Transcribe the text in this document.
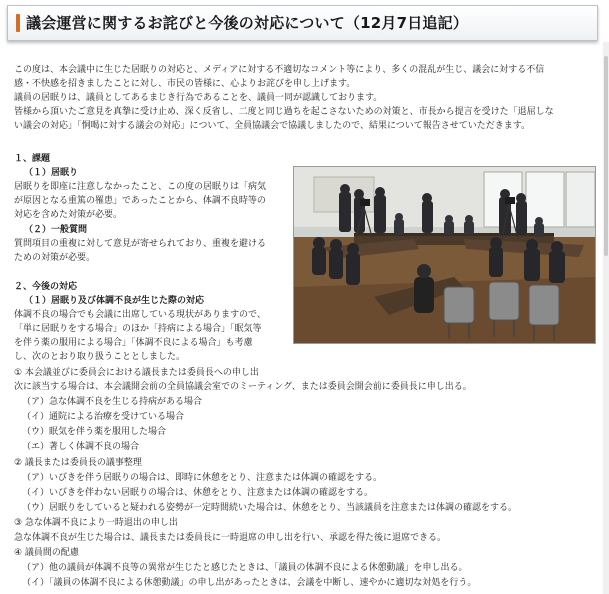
議会運営に関するお詫びと今後の対応について（12月7日追記）
この度は、本会議中に生じた居眠りの対応と、メディアに対する不適切なコメント等により、多くの混乱が生じ、議会に対する不信
感・不快感を招きましたことに対し、市民の皆様に、心よりお詫びを申し上げます。
議員の居眠りは、議員としてあるまじき行為であることを、議員一同が認識しております。
皆様から頂いたご意見を真摯に受け止め、深く反省し、二度と同じ過ちを起こさないための対策と、市長から提言を受けた「退屈しな
い議会の対応」「恫喝に対する議会の対応」について、全員協議会で協議しましたので、結果について報告させていただきます。
１、課題
（１）居眠り
居眠りを即座に注意しなかったこと、この度の居眠りは「病気
が原因となる重篤の罹患」であったことから、体調不良時等の
対応を含めた対策が必要。
（２）一般質問
質問項目の重複に対して意見が寄せられており、重複を避ける
ための対策が必要。
２、今後の対応
（１）居眠り及び体調不良が生じた際の対応
体調不良の場合でも会議に出席している現状がありますので、
「単に居眠りをする場合」のほか「持病による場合」「眠気等
を伴う薬の服用による場合」「体調不良による場合」も考慮
し、次のとおり取り扱うこととしました。
① 本会議並びに委員会における議長または委員長への申し出
次に該当する場合は、本会議開会前の全員協議会室でのミーティング、または委員会開会前に委員長に申し出る。
（ア）急な体調不良を生じる持病がある場合
（イ）通院による治療を受けている場合
（ウ）眠気を伴う薬を服用した場合
（エ）著しく体調不良の場合
② 議長または委員長の議事整理
（ア）いびきを伴う居眠りの場合は、即時に休憩をとり、注意または体調の確認をする。
（イ）いびきを伴わない居眠りの場合は、休憩をとり、注意または体調の確認をする。
（ウ）居眠りをしていると疑われる姿勢が一定時間続いた場合は、休憩をとり、当該議員を注意または体調の確認をする。
③ 急な体調不良により一時退出の申し出
急な体調不良が生じた場合は、議長または委員長に一時退席の申し出を行い、承認を得た後に退席できる。
④ 議員間の配慮
（ア）他の議員が体調不良等の異常が生じたと感じたときは、「議員の体調不良による休憩動議」を申し出る。
（イ）「議員の体調不良による休憩動議」の申し出があったときは、会議を中断し、速やかに適切な対処を行う。
